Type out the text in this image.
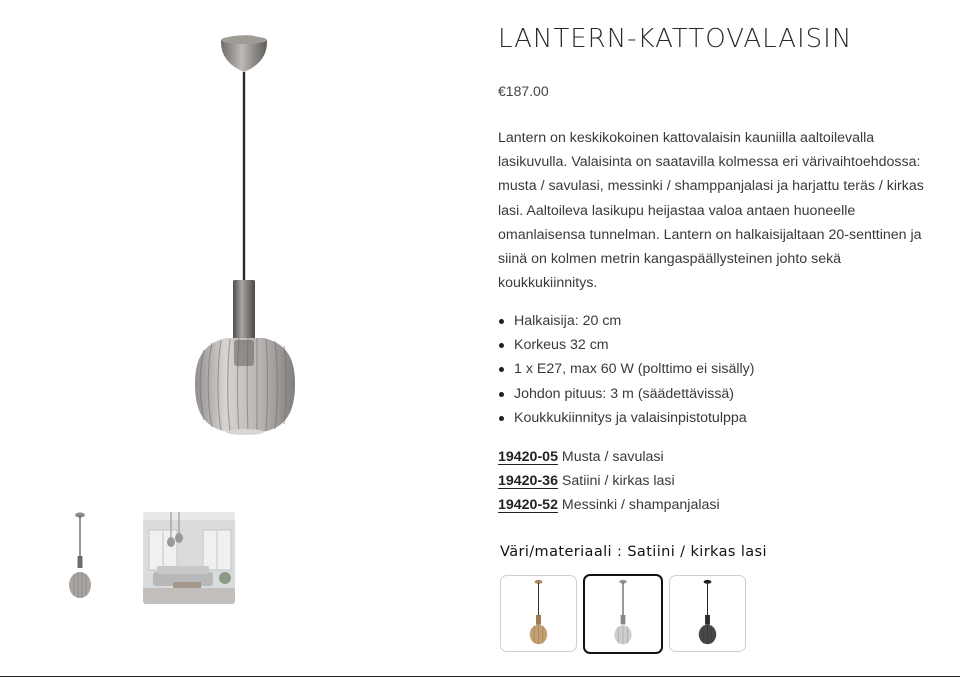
LANTERN-KATTOVALAISIN
€187.00

Lantern on keskikokoinen kattovalaisin kauniilla aaltoilevalla lasikuvulla. Valaisinta on saatavilla kolmessa eri värivaihtoehdossa: musta / savulasi, messinki / shamppanjalasi ja harjattu teräs / kirkas lasi. Aaltoileva lasikupu heijastaa valoa antaen huoneelle omanlaisensa tunnelman. Lantern on halkaisijaltaan 20-senttinen ja siinä on kolmen metrin kangaspäällysteinen johto sekä koukkukiinnitys.

Halkaisija: 20 cm
Korkeus 32 cm
1 x E27, max 60 W (polttimo ei sisälly)
Johdon pituus: 3 m (säädettävissä)
Koukkukiinnitys ja valaisinpistotulppa
19420-05 Musta / savulasi
19420-36 Satiini / kirkas lasi
19420-52 Messinki / shampanjalasi
Väri/materiaali : Satiini / kirkas lasi
